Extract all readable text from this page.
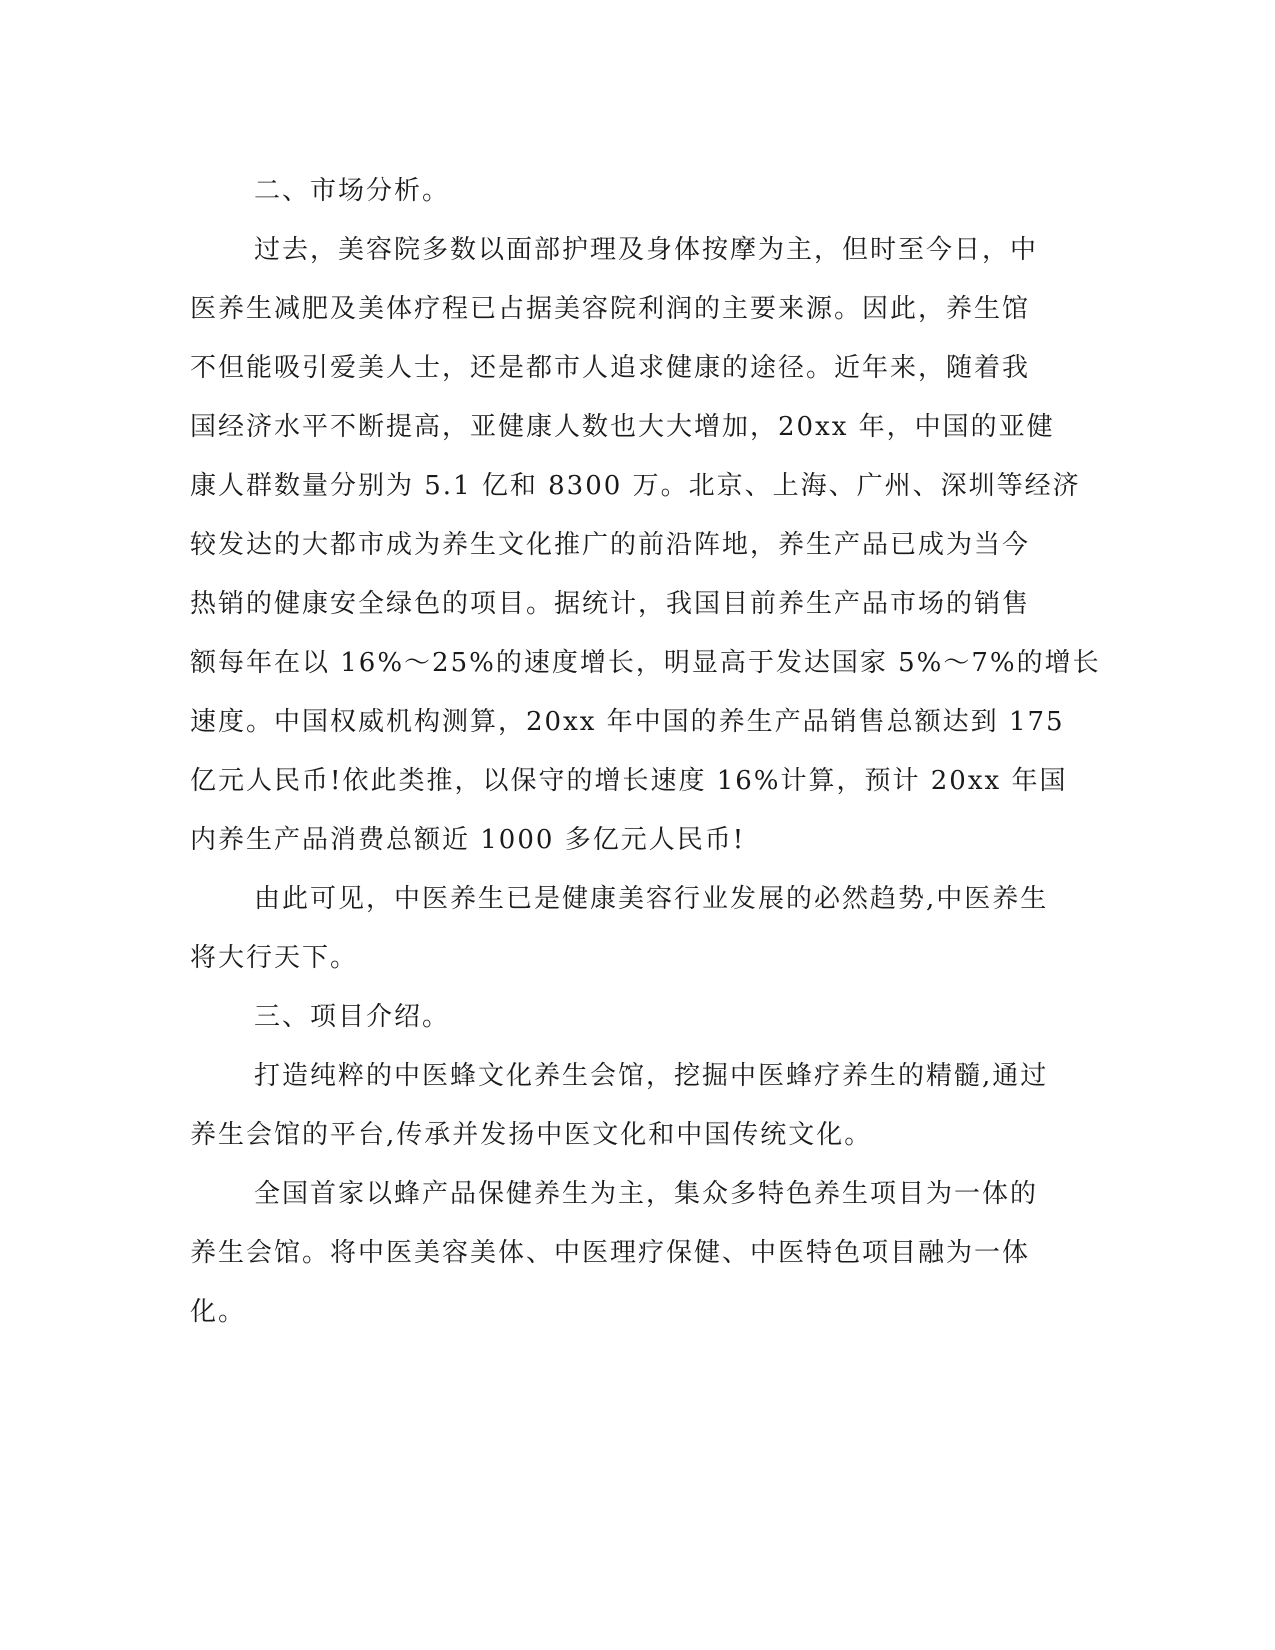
二、市场分析。
过去，美容院多数以面部护理及身体按摩为主，但时至今日，中
医养生减肥及美体疗程已占据美容院利润的主要来源。因此，养生馆
不但能吸引爱美人士，还是都市人追求健康的途径。近年来，随着我
国经济水平不断提高，亚健康人数也大大增加，20xx 年，中国的亚健
康人群数量分别为 5.1 亿和 8300 万。北京、上海、广州、深圳等经济
较发达的大都市成为养生文化推广的前沿阵地，养生产品已成为当今
热销的健康安全绿色的项目。据统计，我国目前养生产品市场的销售
额每年在以 16%～25%的速度增长，明显高于发达国家 5%～7%的增长
速度。中国权威机构测算，20xx 年中国的养生产品销售总额达到 175
亿元人民币!依此类推，以保守的增长速度 16%计算，预计 20xx 年国
内养生产品消费总额近 1000 多亿元人民币!
由此可见，中医养生已是健康美容行业发展的必然趋势,中医养生
将大行天下。
三、项目介绍。
打造纯粹的中医蜂文化养生会馆，挖掘中医蜂疗养生的精髓,通过
养生会馆的平台,传承并发扬中医文化和中国传统文化。
全国首家以蜂产品保健养生为主，集众多特色养生项目为一体的
养生会馆。将中医美容美体、中医理疗保健、中医特色项目融为一体
化。
